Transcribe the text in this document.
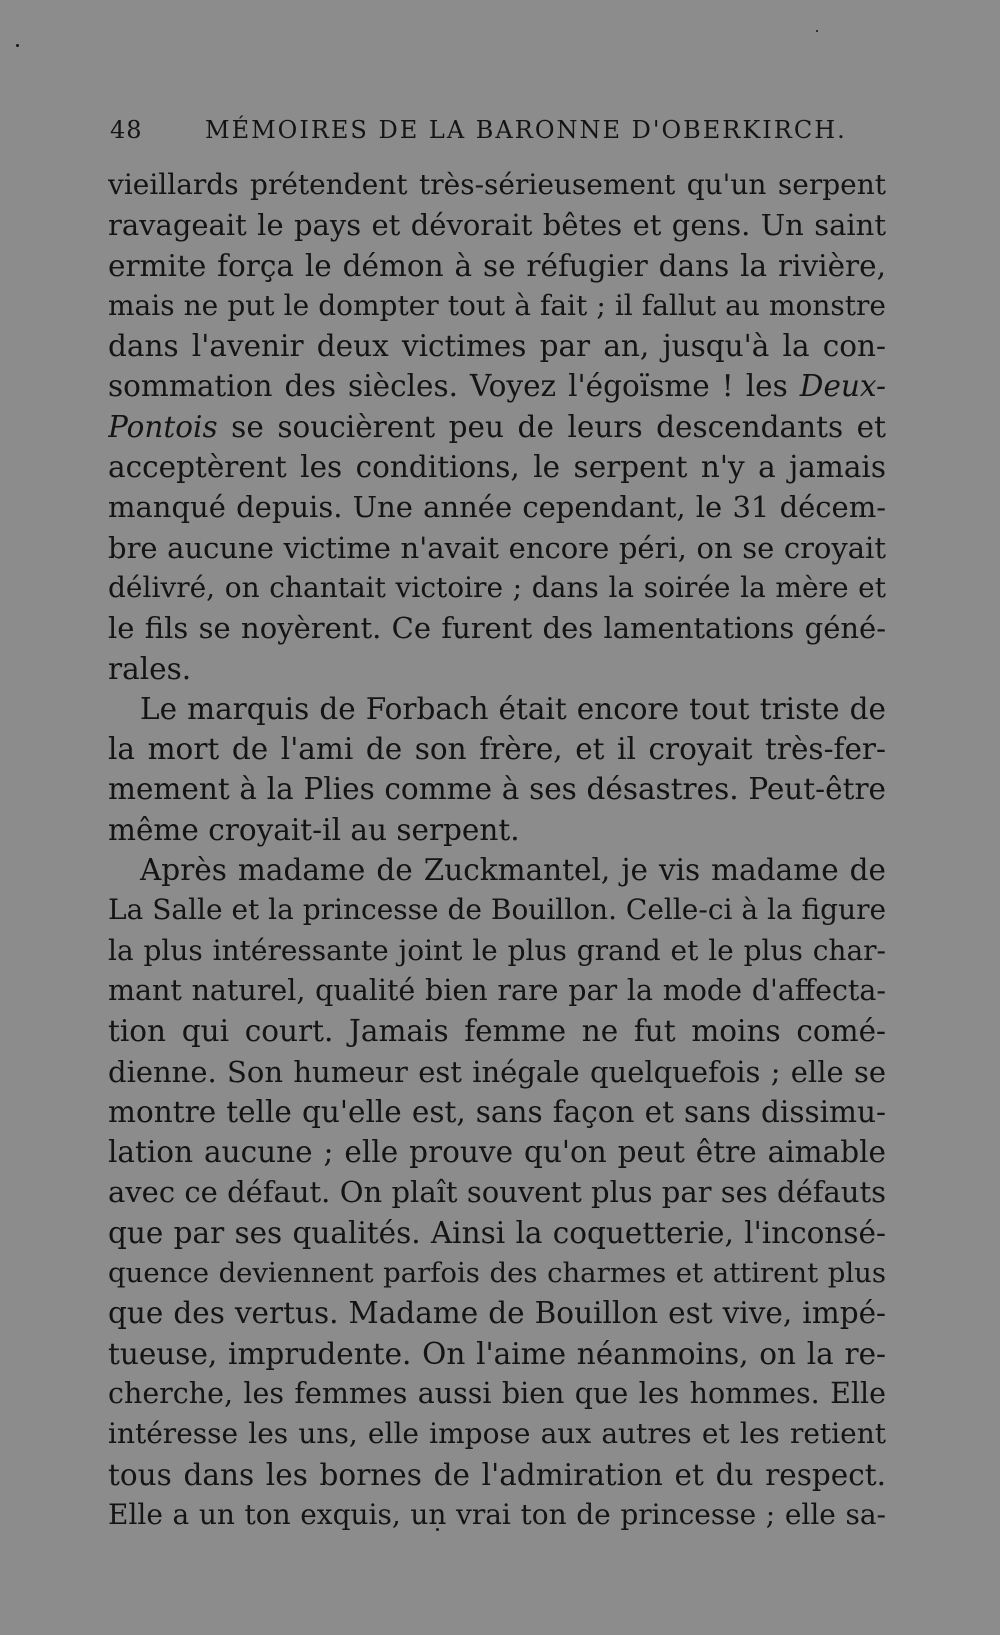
48	MÉMOIRES DE LA BARONNE D'OBERKIRCH.
vieillards prétendent très-sérieusement qu'un serpent
ravageait le pays et dévorait bêtes et gens. Un saint
ermite força le démon à se réfugier dans la rivière,
mais ne put le dompter tout à fait ; il fallut au monstre
dans l'avenir deux victimes par an, jusqu'à la con-
sommation des siècles. Voyez l'égoïsme ! les Deux-
Pontois se soucièrent peu de leurs descendants et
acceptèrent les conditions, le serpent n'y a jamais
manqué depuis. Une année cependant, le 31 décem-
bre aucune victime n'avait encore péri, on se croyait
délivré, on chantait victoire ; dans la soirée la mère et
le fils se noyèrent. Ce furent des lamentations géné-
rales.
Le marquis de Forbach était encore tout triste de
la mort de l'ami de son frère, et il croyait très-fer-
mement à la Plies comme à ses désastres. Peut-être
même croyait-il au serpent.
Après madame de Zuckmantel, je vis madame de
La Salle et la princesse de Bouillon. Celle-ci à la figure
la plus intéressante joint le plus grand et le plus char-
mant naturel, qualité bien rare par la mode d'affecta-
tion qui court. Jamais femme ne fut moins comé-
dienne. Son humeur est inégale quelquefois ; elle se
montre telle qu'elle est, sans façon et sans dissimu-
lation aucune ; elle prouve qu'on peut être aimable
avec ce défaut. On plaît souvent plus par ses défauts
que par ses qualités. Ainsi la coquetterie, l'inconsé-
quence deviennent parfois des charmes et attirent plus
que des vertus. Madame de Bouillon est vive, impé-
tueuse, imprudente. On l'aime néanmoins, on la re-
cherche, les femmes aussi bien que les hommes. Elle
intéresse les uns, elle impose aux autres et les retient
tous dans les bornes de l'admiration et du respect.
Elle a un ton exquis, un vrai ton de princesse ; elle sa-
